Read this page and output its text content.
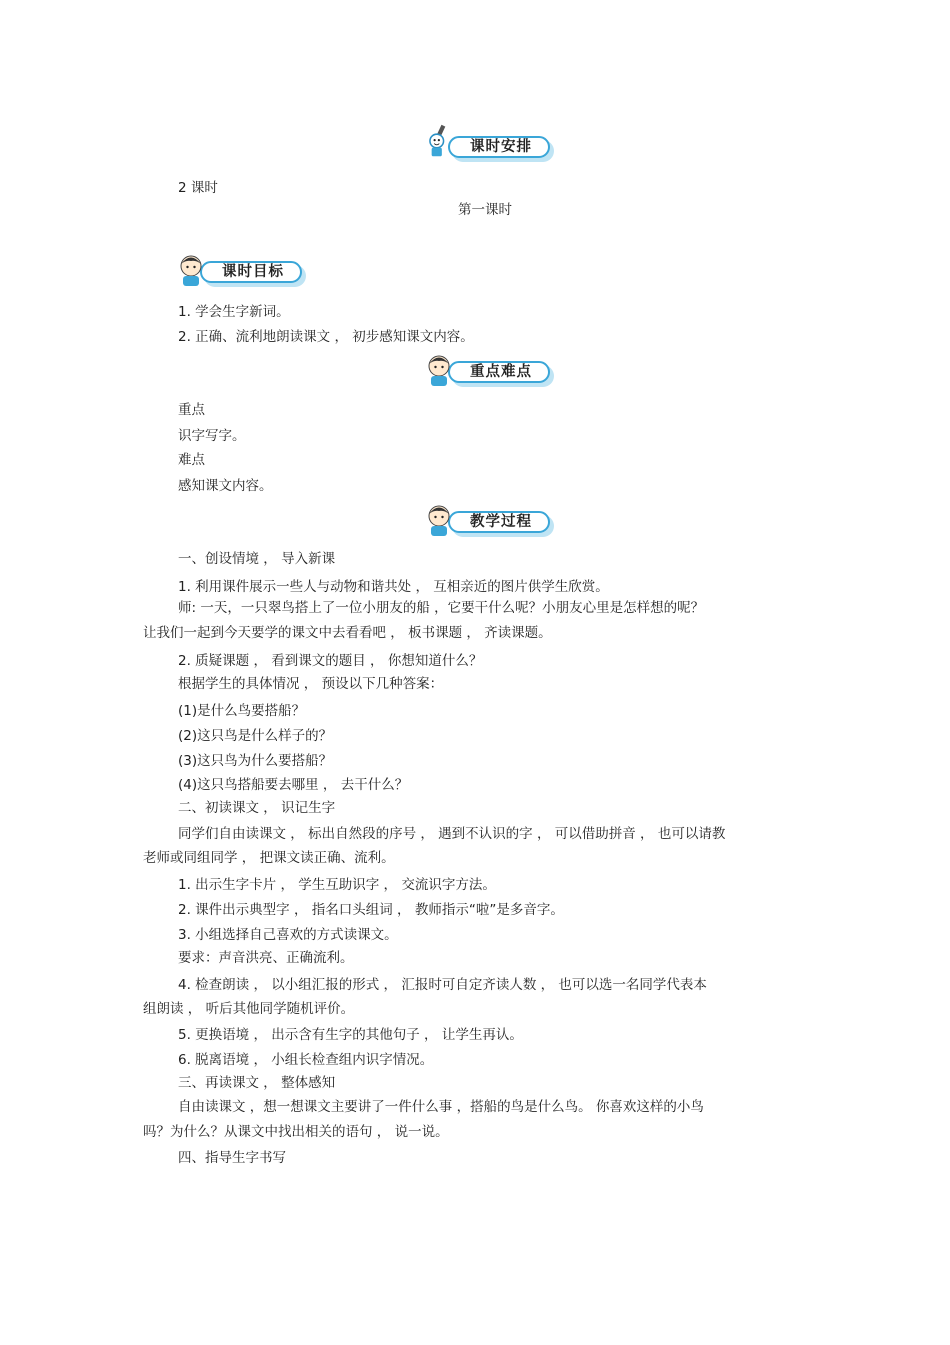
课时安排
2 课时
第一课时
课时目标
1. 学会生字新词。
2. 正确、流利地朗读课文 ， 初步感知课文内容。
重点难点
重点
识字写字。
难点
感知课文内容。
教学过程
一、创设情境 ， 导入新课
1. 利用课件展示一些人与动物和谐共处 ， 互相亲近的图片供学生欣赏。
师: 一天，一只翠鸟搭上了一位小朋友的船 ，它要干什么呢？小朋友心里是怎样想的呢？
让我们一起到今天要学的课文中去看看吧 ， 板书课题 ， 齐读课题。
2. 质疑课题 ， 看到课文的题目 ， 你想知道什么？
根据学生的具体情况 ， 预设以下几种答案：
(1)是什么鸟要搭船？
(2)这只鸟是什么样子的？
(3)这只鸟为什么要搭船？
(4)这只鸟搭船要去哪里 ， 去干什么？
二、初读课文 ， 识记生字
同学们自由读课文 ， 标出自然段的序号 ， 遇到不认识的字 ， 可以借助拼音 ， 也可以请教
老师或同组同学 ， 把课文读正确、流利。
1. 出示生字卡片 ， 学生互助识字 ， 交流识字方法。
2. 课件出示典型字 ， 指名口头组词 ， 教师指示“啦”是多音字。
3. 小组选择自己喜欢的方式读课文。
要求：声音洪亮、正确流利。
4. 检查朗读 ， 以小组汇报的形式 ， 汇报时可自定齐读人数 ， 也可以选一名同学代表本
组朗读 ， 听后其他同学随机评价。
5. 更换语境 ， 出示含有生字的其他句子 ， 让学生再认。
6. 脱离语境 ， 小组长检查组内识字情况。
三、再读课文 ， 整体感知
自由读课文 ，想一想课文主要讲了一件什么事 ，搭船的鸟是什么鸟。 你喜欢这样的小鸟
吗？为什么？从课文中找出相关的语句 ， 说一说。
四、指导生字书写
